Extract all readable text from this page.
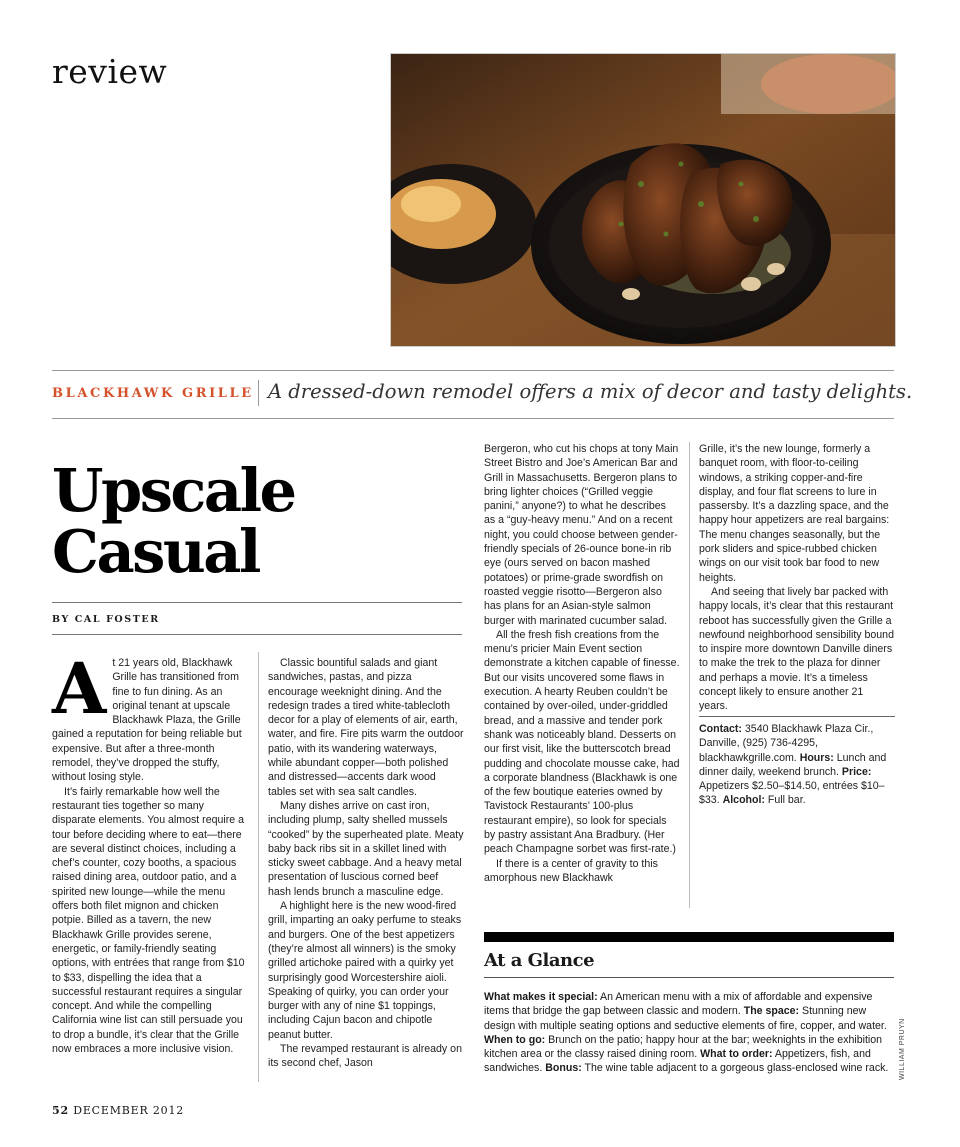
review
BLACKHAWK GRILLE A dressed-down remodel offers a mix of decor and tasty delights.
Upscale
Casual
BY CAL FOSTER
A t 21 years old, Blackhawk Grille has transitioned from fine to fun dining. As an original tenant at upscale Blackhawk Plaza, the Grille gained a reputation for being reliable but expensive. But after a three-month remodel, they’ve dropped the stuffy, without losing style.

It’s fairly remarkable how well the restaurant ties together so many disparate elements. You almost require a tour before deciding where to eat—there are several distinct choices, including a chef’s counter, cozy booths, a spacious raised dining area, outdoor patio, and a spirited new lounge—while the menu offers both filet mignon and chicken potpie. Billed as a tavern, the new Blackhawk Grille provides serene, energetic, or family-friendly seating options, with entrées that range from $10 to $33, dispelling the idea that a successful restaurant requires a singular concept. And while the compelling California wine list can still persuade you to drop a bundle, it’s clear that the Grille now embraces a more inclusive vision.

Classic bountiful salads and giant sandwiches, pastas, and pizza encourage weeknight dining. And the redesign trades a tired white-tablecloth decor for a play of elements of air, earth, water, and fire. Fire pits warm the outdoor patio, with its wandering waterways, while abundant copper—both polished and distressed—accents dark wood tables set with sea salt candles.

Many dishes arrive on cast iron, including plump, salty shelled mussels “cooked” by the superheated plate. Meaty baby back ribs sit in a skillet lined with sticky sweet cabbage. And a heavy metal presentation of luscious corned beef hash lends brunch a masculine edge.

A highlight here is the new wood-fired grill, imparting an oaky perfume to steaks and burgers. One of the best appetizers (they’re almost all winners) is the smoky grilled artichoke paired with a quirky yet surprisingly good Worcestershire aioli. Speaking of quirky, you can order your burger with any of nine $1 toppings, including Cajun bacon and chipotle peanut butter.

The revamped restaurant is already on its second chef, Jason

Bergeron, who cut his chops at tony Main Street Bistro and Joe’s American Bar and Grill in Massachusetts. Bergeron plans to bring lighter choices (“Grilled veggie panini,” anyone?) to what he describes as a “guy-heavy menu.” And on a recent night, you could choose between gender-friendly specials of 26-ounce bone-in rib eye (ours served on bacon mashed potatoes) or prime-grade swordfish on roasted veggie risotto—Bergeron also has plans for an Asian-style salmon burger with marinated cucumber salad.

All the fresh fish creations from the menu’s pricier Main Event section demonstrate a kitchen capable of finesse. But our visits uncovered some flaws in execution. A hearty Reuben couldn’t be contained by over-oiled, under-griddled bread, and a massive and tender pork shank was noticeably bland. Desserts on our first visit, like the butterscotch bread pudding and chocolate mousse cake, had a corporate blandness (Blackhawk is one of the few boutique eateries owned by Tavistock Restaurants’ 100-plus restaurant empire), so look for specials by pastry assistant Ana Bradbury. (Her peach Champagne sorbet was first-rate.)

If there is a center of gravity to this amorphous new Blackhawk

Grille, it’s the new lounge, formerly a banquet room, with floor-to-ceiling windows, a striking copper-and-fire display, and four flat screens to lure in passersby. It’s a dazzling space, and the happy hour appetizers are real bargains: The menu changes seasonally, but the pork sliders and spice-rubbed chicken wings on our visit took bar food to new heights.

And seeing that lively bar packed with happy locals, it’s clear that this restaurant reboot has successfully given the Grille a newfound neighborhood sensibility bound to inspire more downtown Danville diners to make the trek to the plaza for dinner and perhaps a movie. It’s a timeless concept likely to ensure another 21 years.

Contact: 3540 Blackhawk Plaza Cir., Danville, (925) 736-4295, blackhawkgrille.com. Hours: Lunch and dinner daily, weekend brunch. Price: Appetizers $2.50–$14.50, entrées $10–$33. Alcohol: Full bar.
At a Glance
What makes it special: An American menu with a mix of affordable and expensive items that bridge the gap between classic and modern. The space: Stunning new design with multiple seating options and seductive elements of fire, copper, and water. When to go: Brunch on the patio; happy hour at the bar; weeknights in the exhibition kitchen area or the classy raised dining room. What to order: Appetizers, fish, and sandwiches. Bonus: The wine table adjacent to a gorgeous glass-enclosed wine rack.	WILLIAM PRUYN
52 DECEMBER 2012
